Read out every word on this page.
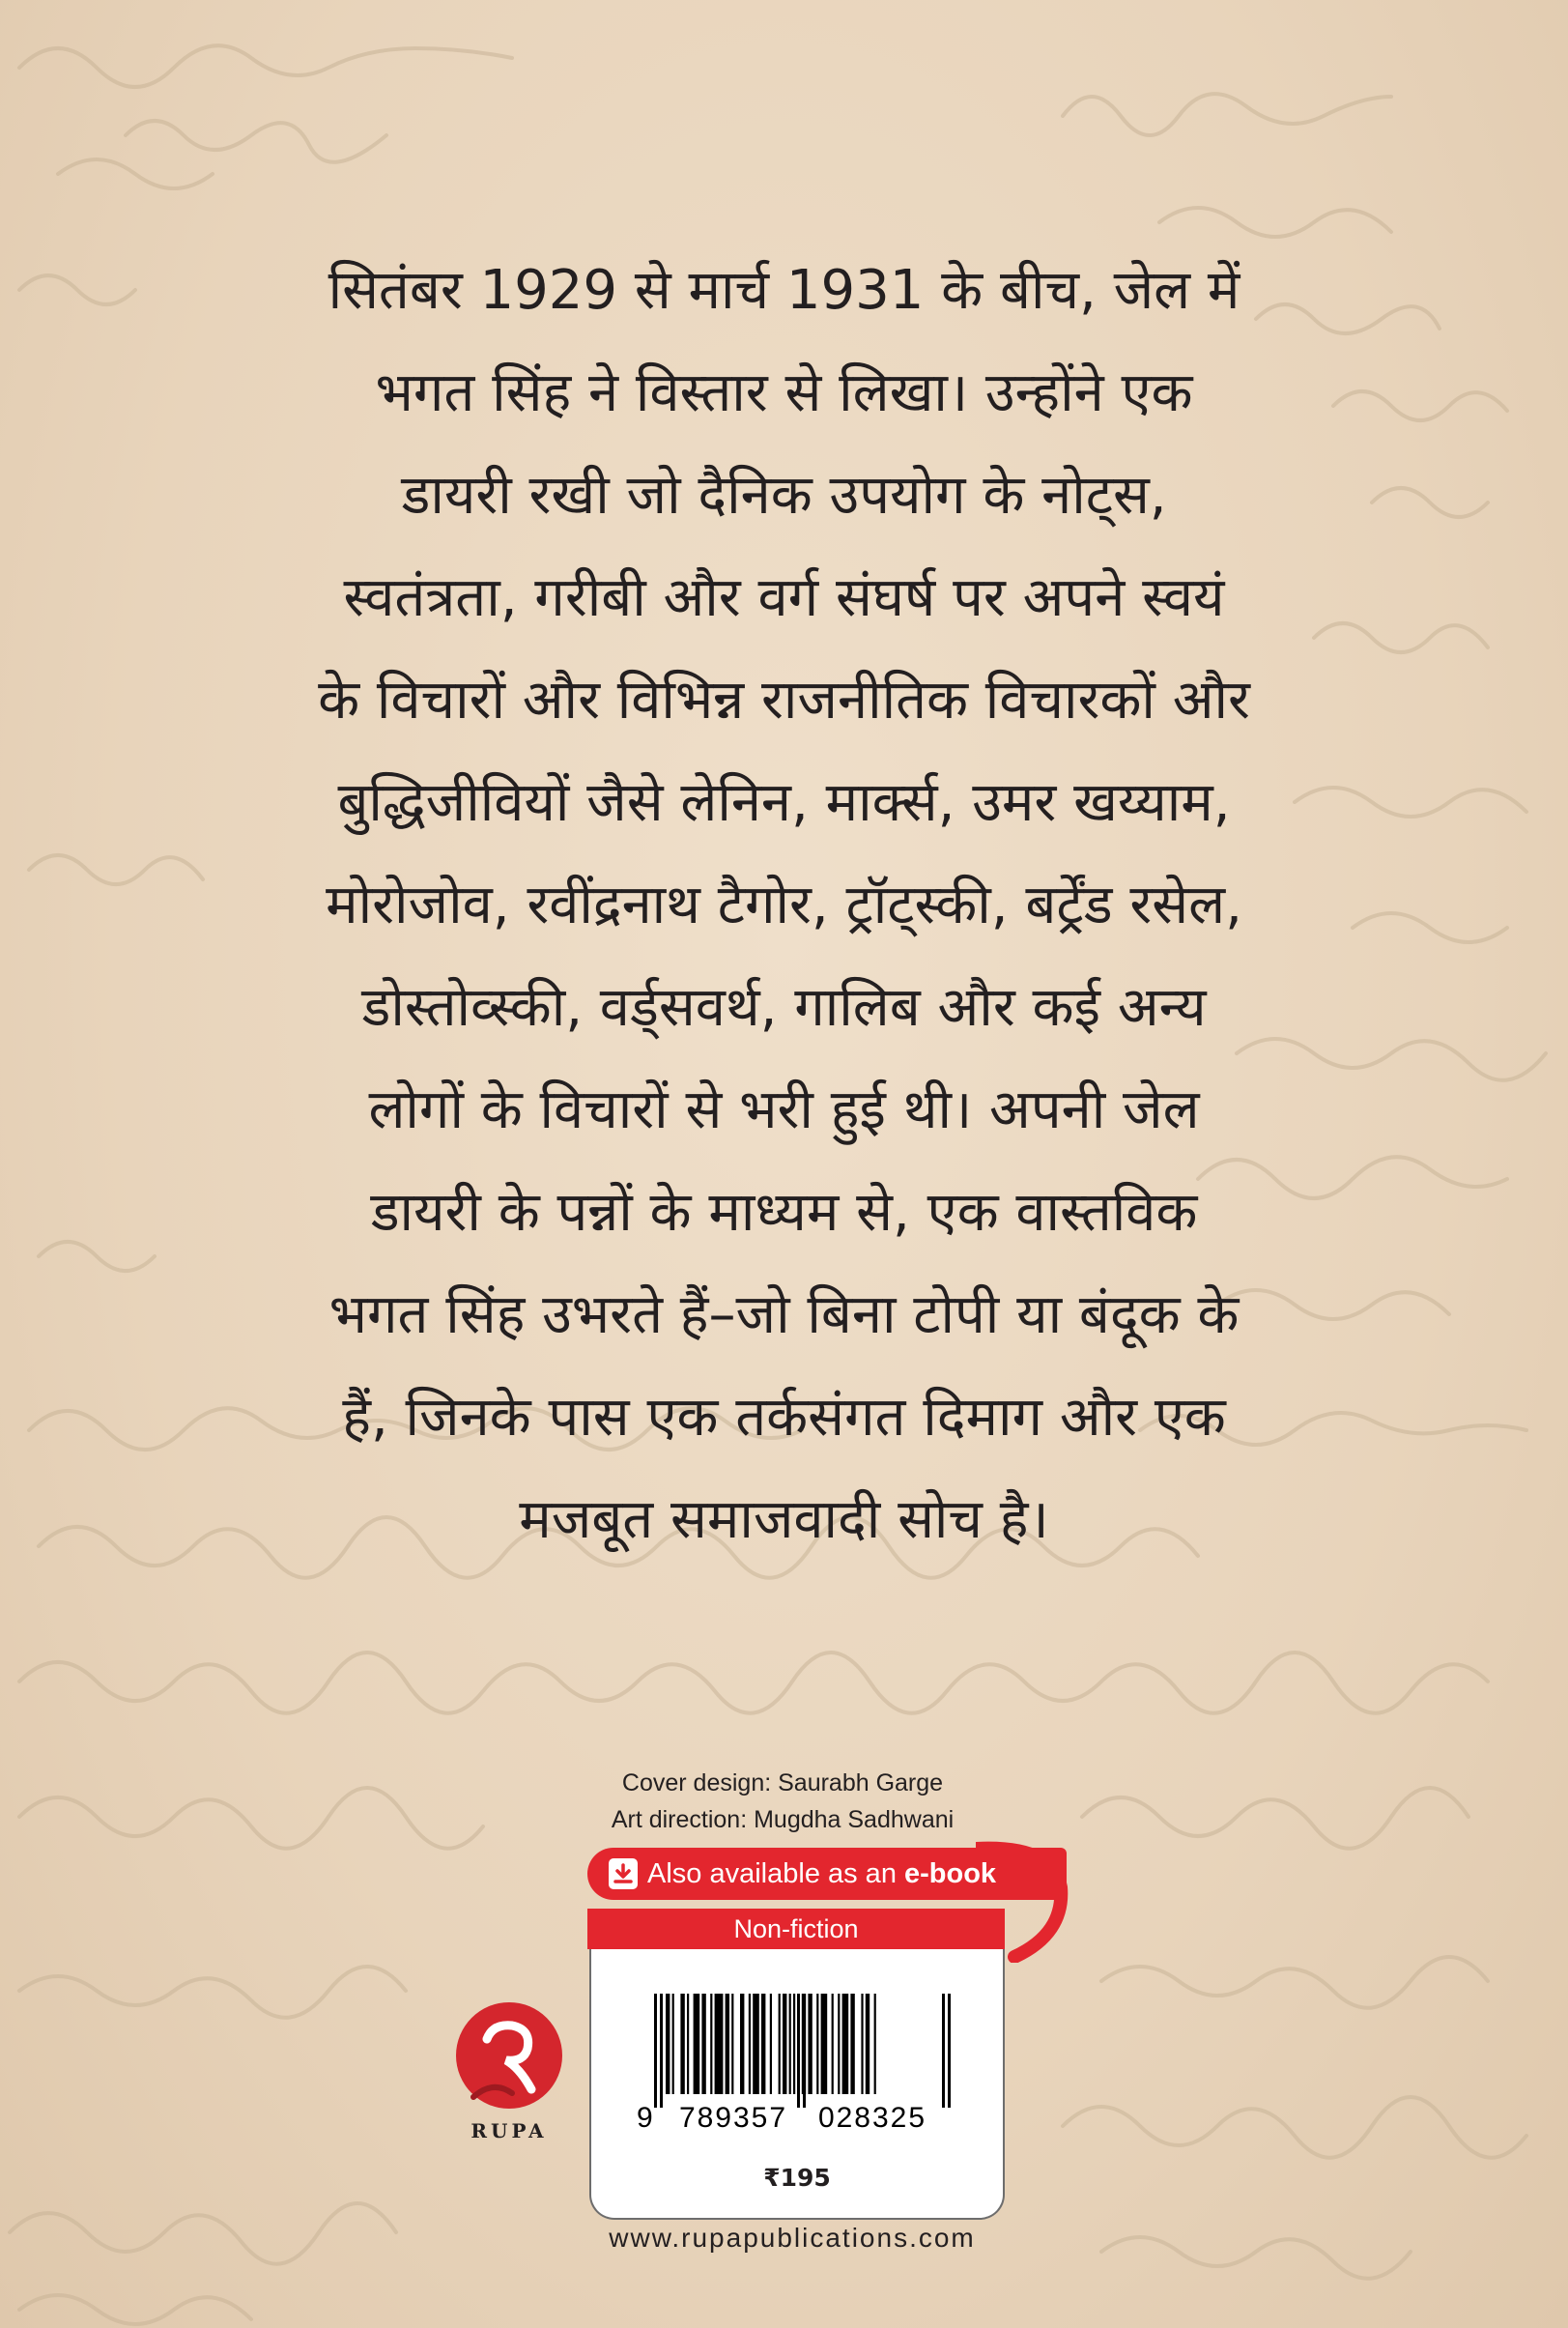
सितंबर 1929 से मार्च 1931 के बीच, जेल में
भगत सिंह ने विस्तार से लिखा। उन्होंने एक
डायरी रखी जो दैनिक उपयोग के नोट्स,
स्वतंत्रता, गरीबी और वर्ग संघर्ष पर अपने स्वयं
के विचारों और विभिन्न राजनीतिक विचारकों और
बुद्धिजीवियों जैसे लेनिन, मार्क्स, उमर खय्याम,
मोरोजोव, रवींद्रनाथ टैगोर, ट्रॉट्स्की, बर्ट्रेंड रसेल,
डोस्तोव्स्की, वर्ड्सवर्थ, गालिब और कई अन्य
लोगों के विचारों से भरी हुई थी। अपनी जेल
डायरी के पन्नों के माध्यम से, एक वास्तविक
भगत सिंह उभरते हैं–जो बिना टोपी या बंदूक के
हैं, जिनके पास एक तर्कसंगत दिमाग और एक
मजबूत समाजवादी सोच है।
Cover design: Saurabh Garge
Art direction: Mugdha Sadhwani
Also available as an e-book
Non-fiction
9 789357 028325
₹195
RUPA
www.rupapublications.com
